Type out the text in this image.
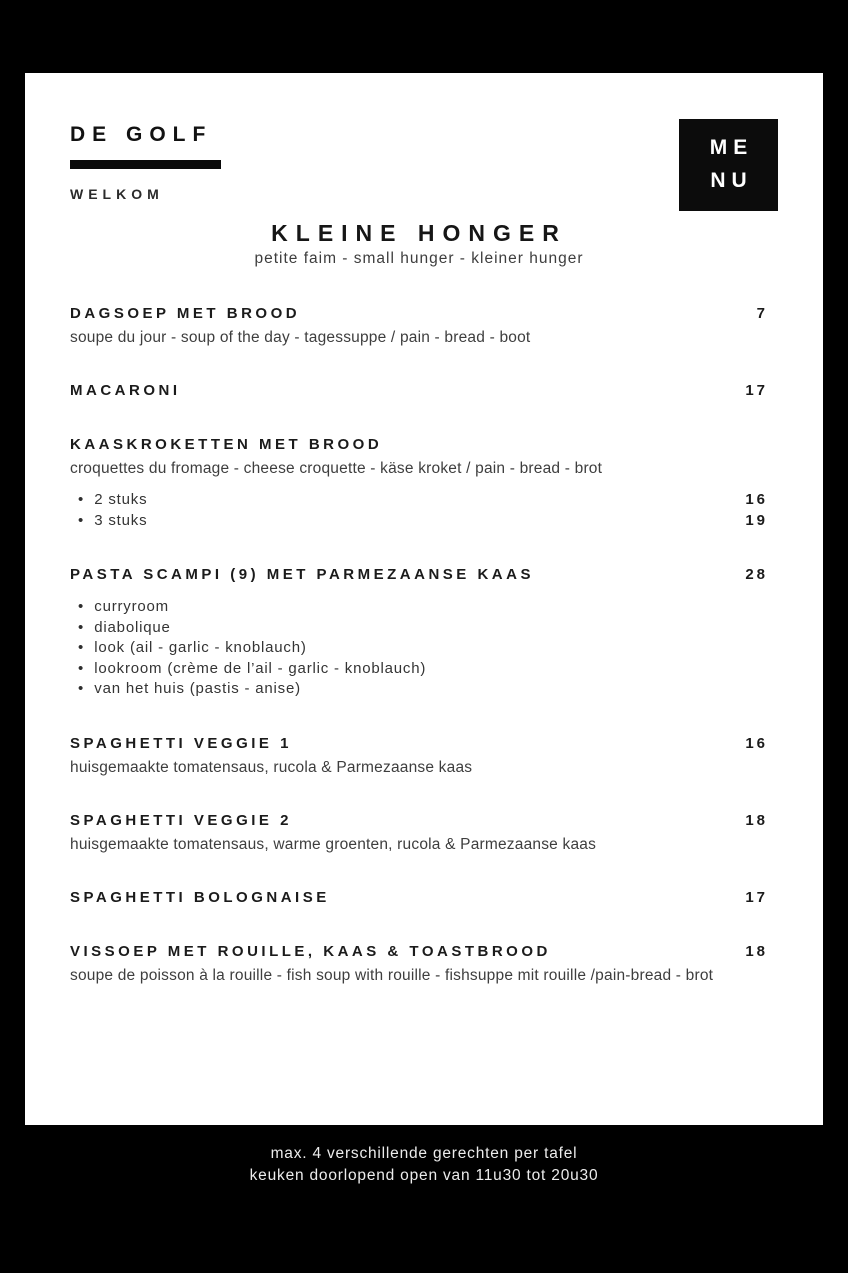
DE GOLF
WELKOM
ME
NU
KLEINE HONGER

petite faim - small hunger - kleiner hunger

DAGSOEP MET BROOD	7

soupe du jour - soup of the day - tagessuppe / pain - bread - boot

MACARONI	17
KAASKROKETTEN MET BROOD

croquettes du fromage - cheese croquette - käse kroket / pain - bread - brot

• 2 stuks	16
• 3 stuks	19
PASTA SCAMPI (9) MET PARMEZAANSE KAAS	28
• curryroom
• diabolique
• look (ail - garlic - knoblauch)
• lookroom (crème de l’ail - garlic - knoblauch)
• van het huis (pastis - anise)
SPAGHETTI VEGGIE 1	16

huisgemaakte tomatensaus, rucola & Parmezaanse kaas

SPAGHETTI VEGGIE 2	18

huisgemaakte tomatensaus, warme groenten, rucola & Parmezaanse kaas

SPAGHETTI BOLOGNAISE	17
VISSOEP MET ROUILLE, KAAS & TOASTBROOD	18

soupe de poisson à la rouille - fish soup with rouille - fishsuppe mit rouille /pain-bread - brot

max. 4 verschillende gerechten per tafel

keuken doorlopend open van 11u30 tot 20u30
